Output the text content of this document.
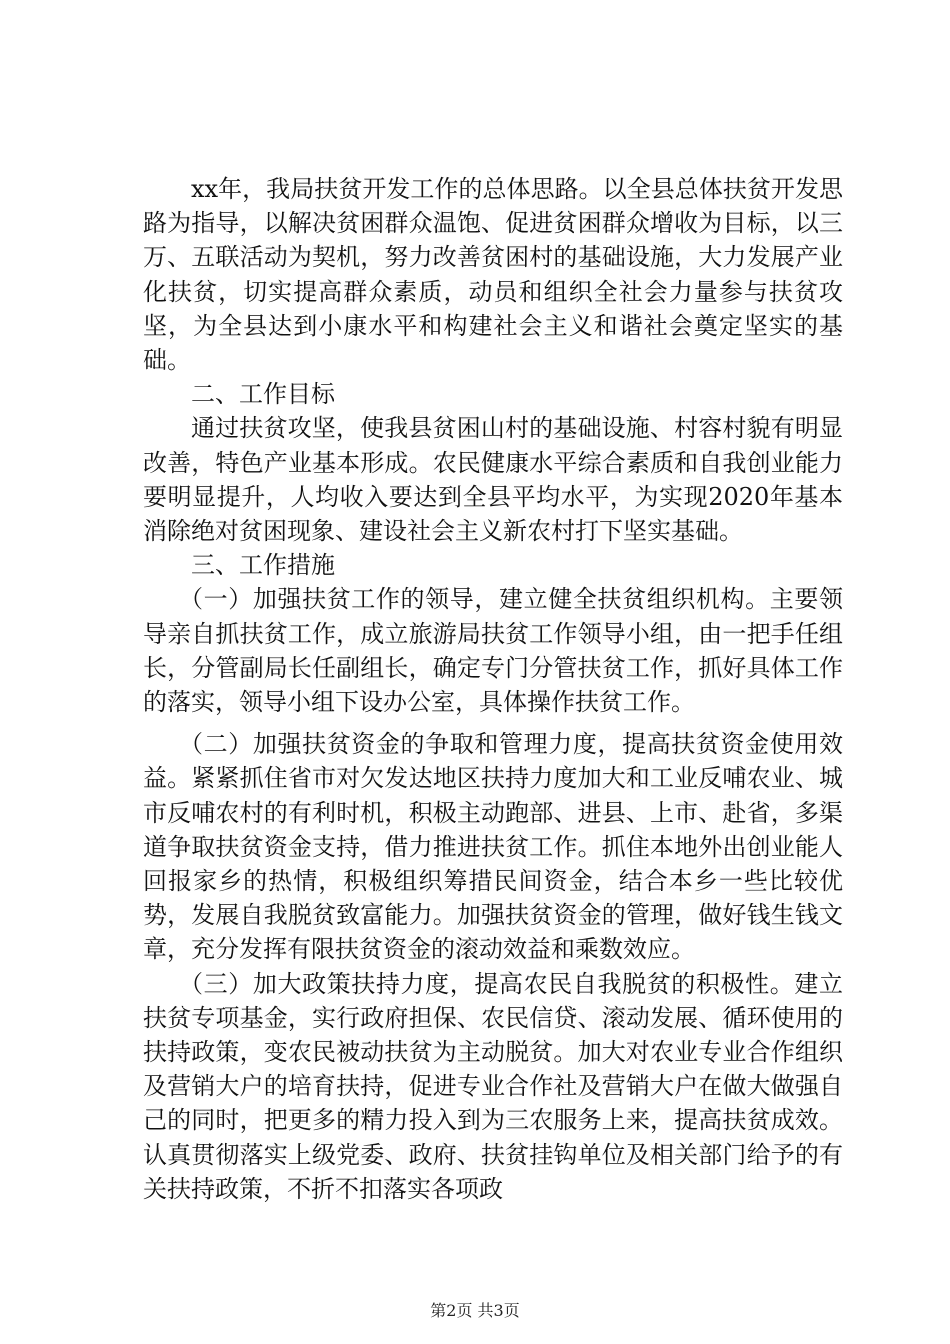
xx年，我局扶贫开发工作的总体思路。以全县总体扶贫开发思路为指导，以解决贫困群众温饱、促进贫困群众增收为目标，以三万、五联活动为契机，努力改善贫困村的基础设施，大力发展产业化扶贫，切实提高群众素质，动员和组织全社会力量参与扶贫攻坚，为全县达到小康水平和构建社会主义和谐社会奠定坚实的基础。

二、工作目标

通过扶贫攻坚，使我县贫困山村的基础设施、村容村貌有明显改善，特色产业基本形成。农民健康水平综合素质和自我创业能力要明显提升，人均收入要达到全县平均水平，为实现2020年基本消除绝对贫困现象、建设社会主义新农村打下坚实基础。

三、工作措施

（一）加强扶贫工作的领导，建立健全扶贫组织机构。主要领导亲自抓扶贫工作，成立旅游局扶贫工作领导小组，由一把手任组长，分管副局长任副组长，确定专门分管扶贫工作，抓好具体工作的落实，领导小组下设办公室，具体操作扶贫工作。

（二）加强扶贫资金的争取和管理力度，提高扶贫资金使用效益。紧紧抓住省市对欠发达地区扶持力度加大和工业反哺农业、城市反哺农村的有利时机，积极主动跑部、进县、上市、赴省，多渠道争取扶贫资金支持，借力推进扶贫工作。抓住本地外出创业能人回报家乡的热情，积极组织筹措民间资金，结合本乡一些比较优势，发展自我脱贫致富能力。加强扶贫资金的管理，做好钱生钱文章，充分发挥有限扶贫资金的滚动效益和乘数效应。

（三）加大政策扶持力度，提高农民自我脱贫的积极性。建立扶贫专项基金，实行政府担保、农民信贷、滚动发展、循环使用的扶持政策，变农民被动扶贫为主动脱贫。加大对农业专业合作组织及营销大户的培育扶持，促进专业合作社及营销大户在做大做强自己的同时，把更多的精力投入到为三农服务上来，提高扶贫成效。认真贯彻落实上级党委、政府、扶贫挂钩单位及相关部门给予的有关扶持政策，不折不扣落实各项政

第2页 共3页
